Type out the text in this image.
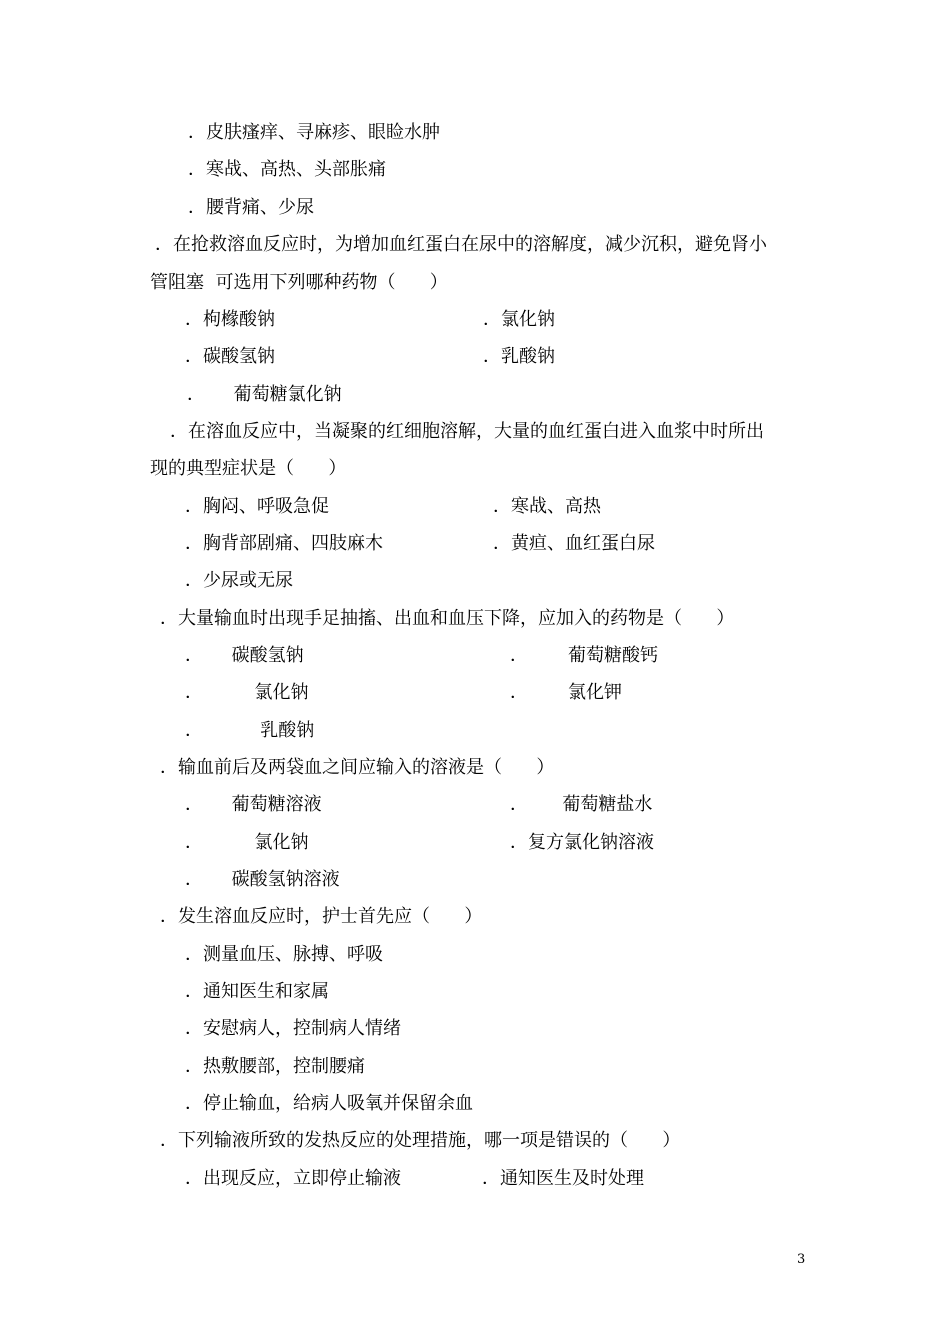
．皮肤瘙痒、寻麻疹、眼睑水肿
．寒战、高热、头部胀痛
．腰背痛、少尿
．在抢救溶血反应时，为增加血红蛋白在尿中的溶解度，减少沉积，避免肾小
管阻塞  可选用下列哪种药物（      ）
．枸橼酸钠	．氯化钠
．碳酸氢钠	．乳酸钠
．     葡萄糖氯化钠
．在溶血反应中，当凝聚的红细胞溶解，大量的血红蛋白进入血浆中时所出
现的典型症状是（      ）
．胸闷、呼吸急促	．寒战、高热
．胸背部剧痛、四肢麻木	．黄疸、血红蛋白尿
．少尿或无尿
．大量输血时出现手足抽搐、出血和血压下降，应加入的药物是（      ）
．     碳酸氢钠	．       葡萄糖酸钙
．         氯化钠	．       氯化钾
．          乳酸钠
．输血前后及两袋血之间应输入的溶液是（      ）
．     葡萄糖溶液	．      葡萄糖盐水
．         氯化钠	．复方氯化钠溶液
．     碳酸氢钠溶液
．发生溶血反应时，护士首先应（      ）
．测量血压、脉搏、呼吸
．通知医生和家属
．安慰病人，控制病人情绪
．热敷腰部，控制腰痛
．停止输血，给病人吸氧并保留余血
．下列输液所致的发热反应的处理措施，哪一项是错误的（      ）
．出现反应，立即停止输液	．通知医生及时处理
3
